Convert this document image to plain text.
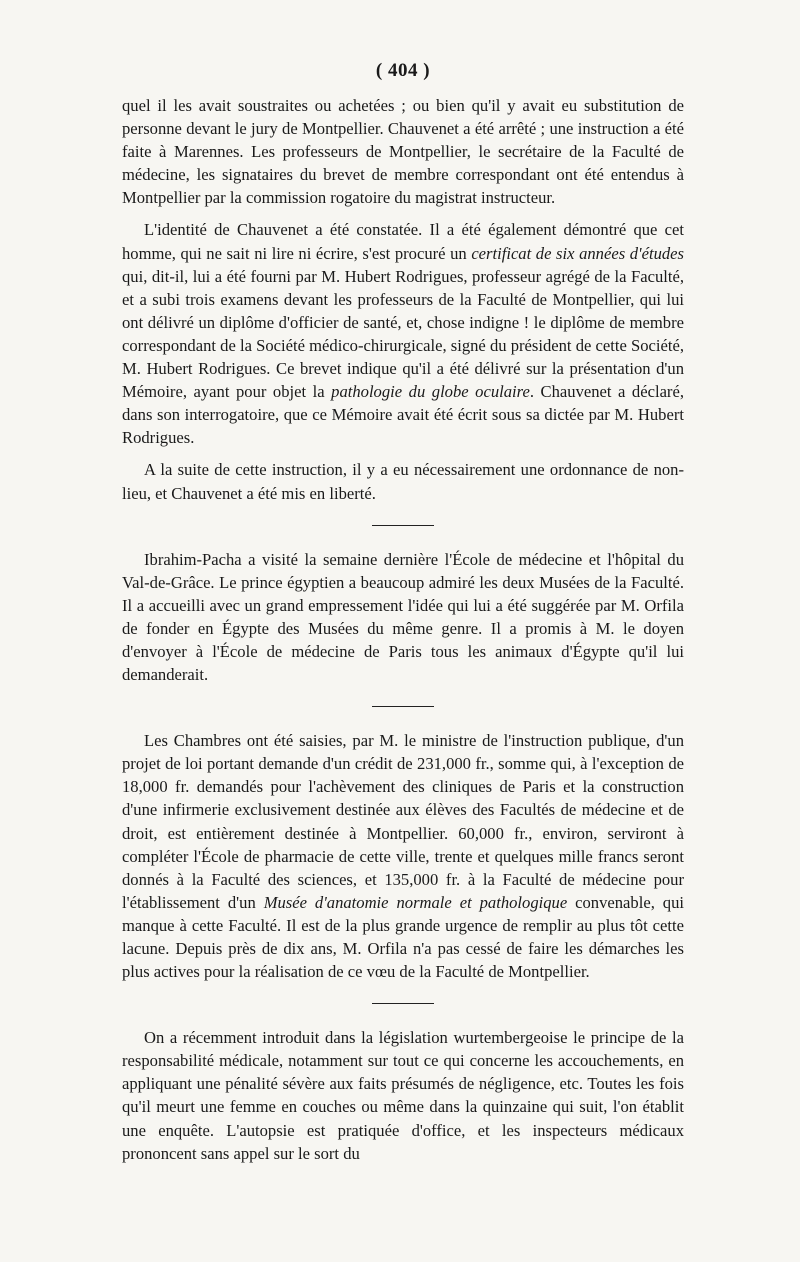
( 404 )

quel il les avait soustraites ou achetées ; ou bien qu'il y avait eu substitution de personne devant le jury de Montpellier. Chauvenet a été arrêté ; une instruction a été faite à Marennes. Les professeurs de Montpellier, le secrétaire de la Faculté de médecine, les signataires du brevet de membre correspondant ont été entendus à Montpellier par la commission rogatoire du magistrat instructeur.

L'identité de Chauvenet a été constatée. Il a été également démontré que cet homme, qui ne sait ni lire ni écrire, s'est procuré un certificat de six années d'études qui, dit-il, lui a été fourni par M. Hubert Rodrigues, professeur agrégé de la Faculté, et a subi trois examens devant les professeurs de la Faculté de Montpellier, qui lui ont délivré un diplôme d'officier de santé, et, chose indigne ! le diplôme de membre correspondant de la Société médico-chirurgicale, signé du président de cette Société, M. Hubert Rodrigues. Ce brevet indique qu'il a été délivré sur la présentation d'un Mémoire, ayant pour objet la pathologie du globe oculaire. Chauvenet a déclaré, dans son interrogatoire, que ce Mémoire avait été écrit sous sa dictée par M. Hubert Rodrigues.

A la suite de cette instruction, il y a eu nécessairement une ordonnance de non-lieu, et Chauvenet a été mis en liberté.

Ibrahim-Pacha a visité la semaine dernière l'École de médecine et l'hôpital du Val-de-Grâce. Le prince égyptien a beaucoup admiré les deux Musées de la Faculté. Il a accueilli avec un grand empressement l'idée qui lui a été suggérée par M. Orfila de fonder en Égypte des Musées du même genre. Il a promis à M. le doyen d'envoyer à l'École de médecine de Paris tous les animaux d'Égypte qu'il lui demanderait.

Les Chambres ont été saisies, par M. le ministre de l'instruction publique, d'un projet de loi portant demande d'un crédit de 231,000 fr., somme qui, à l'exception de 18,000 fr. demandés pour l'achèvement des cliniques de Paris et la construction d'une infirmerie exclusivement destinée aux élèves des Facultés de médecine et de droit, est entièrement destinée à Montpellier. 60,000 fr., environ, serviront à compléter l'École de pharmacie de cette ville, trente et quelques mille francs seront donnés à la Faculté des sciences, et 135,000 fr. à la Faculté de médecine pour l'établissement d'un Musée d'anatomie normale et pathologique convenable, qui manque à cette Faculté. Il est de la plus grande urgence de remplir au plus tôt cette lacune. Depuis près de dix ans, M. Orfila n'a pas cessé de faire les démarches les plus actives pour la réalisation de ce vœu de la Faculté de Montpellier.

On a récemment introduit dans la législation wurtembergeoise le principe de la responsabilité médicale, notamment sur tout ce qui concerne les accouchements, en appliquant une pénalité sévère aux faits présumés de négligence, etc. Toutes les fois qu'il meurt une femme en couches ou même dans la quinzaine qui suit, l'on établit une enquête. L'autopsie est pratiquée d'office, et les inspecteurs médicaux prononcent sans appel sur le sort du
